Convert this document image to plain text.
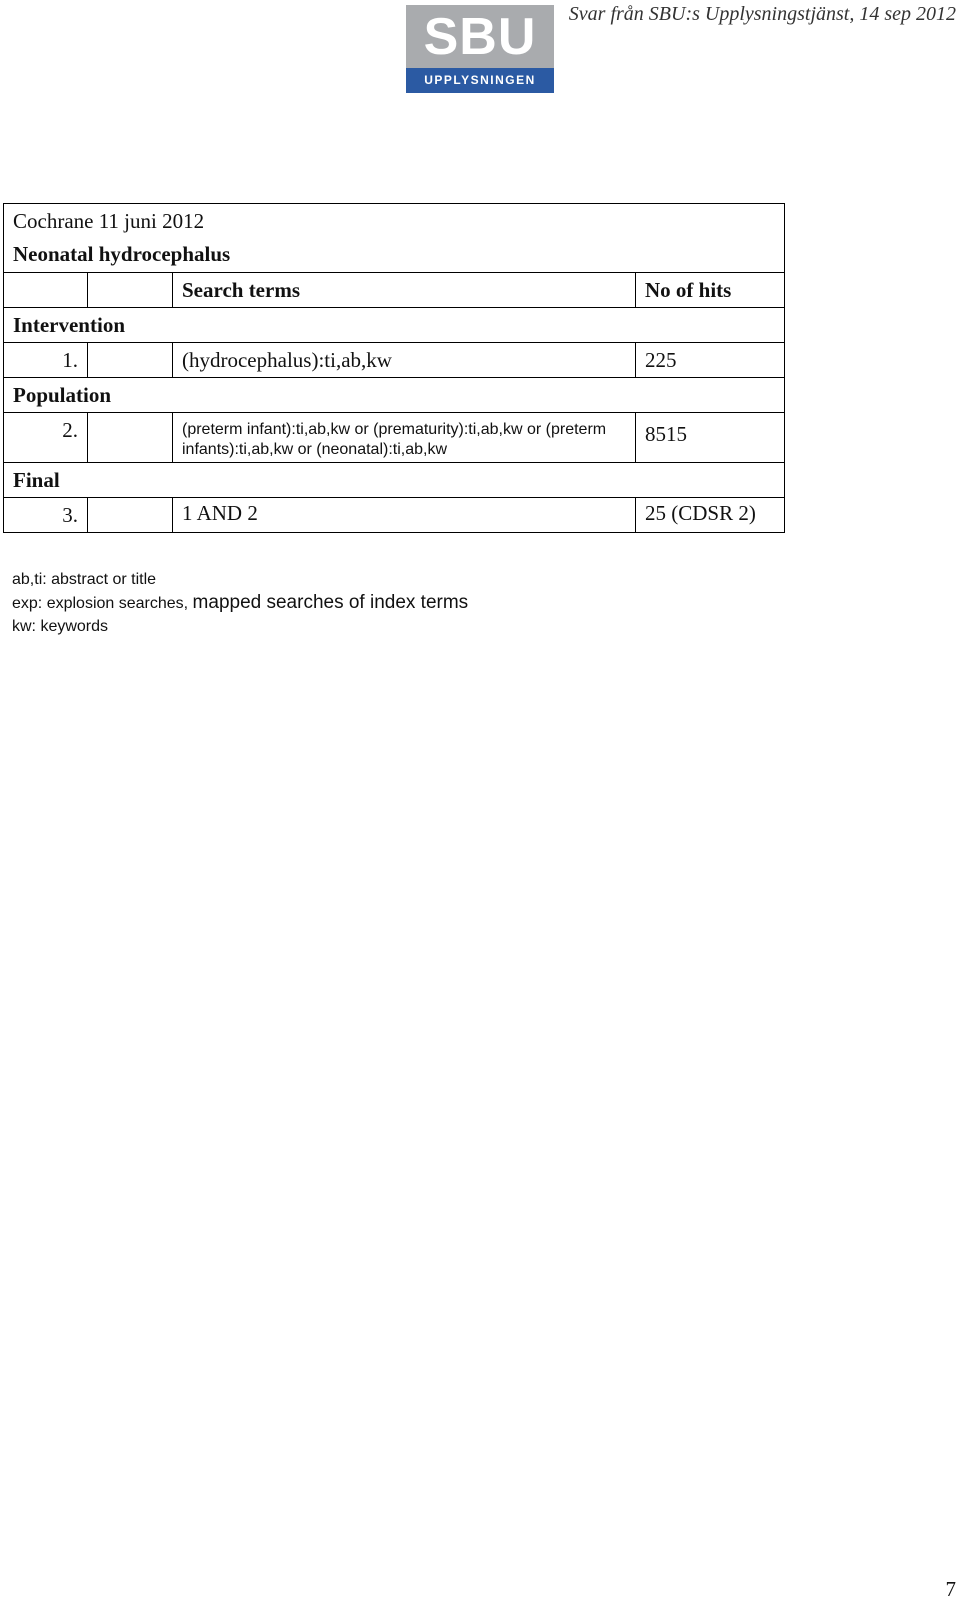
SBU
UPPLYSNINGEN
Svar från SBU:s Upplysningstjänst, 14 sep 2012
Cochrane 11 juni 2012
Neonatal hydrocephalus			

		Search terms	No of hits
Intervention			
1.		(hydrocephalus):ti,ab,kw	225
Population			
2.		(preterm infant):ti,ab,kw or (prematurity):ti,ab,kw or (preterm infants):ti,ab,kw or (neonatal):ti,ab,kw	8515
Final			
3.		1 AND 2	25 (CDSR 2)
ab,ti: abstract or title
exp: explosion searches, mapped searches of index terms
kw: keywords
7
